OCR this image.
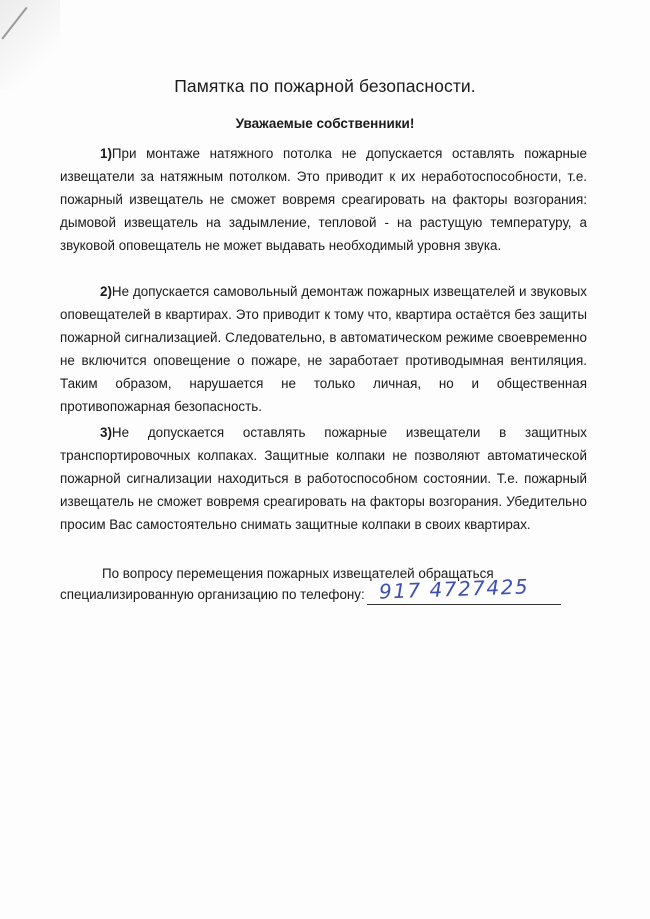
Памятка по пожарной безопасности.
Уважаемые собственники!

1)При монтаже натяжного потолка не допускается оставлять пожарные извещатели за натяжным потолком. Это приводит к их неработоспособности, т.е. пожарный извещатель не сможет вовремя среагировать на факторы возгорания: дымовой извещатель на задымление, тепловой - на растущую температуру, а звуковой оповещатель не может выдавать необходимый уровня звука.

2)Не допускается самовольный демонтаж пожарных извещателей и звуковых оповещателей в квартирах. Это приводит к тому что, квартира остаётся без защиты пожарной сигнализацией. Следовательно, в автоматическом режиме своевременно не включится оповещение о пожаре, не заработает противодымная вентиляция. Таким образом, нарушается не только личная, но и общественная противопожарная безопасность.

3)Не допускается оставлять пожарные извещатели в защитных транспортировочных колпаках. Защитные колпаки не позволяют автоматической пожарной сигнализации находиться в работоспособном состоянии. Т.е. пожарный извещатель не сможет вовремя среагировать на факторы возгорания. Убедительно просим Вас самостоятельно снимать защитные колпаки в своих квартирах.

По вопросу перемещения пожарных извещателей обращаться
специализированную организацию по телефону: 917 4727425
